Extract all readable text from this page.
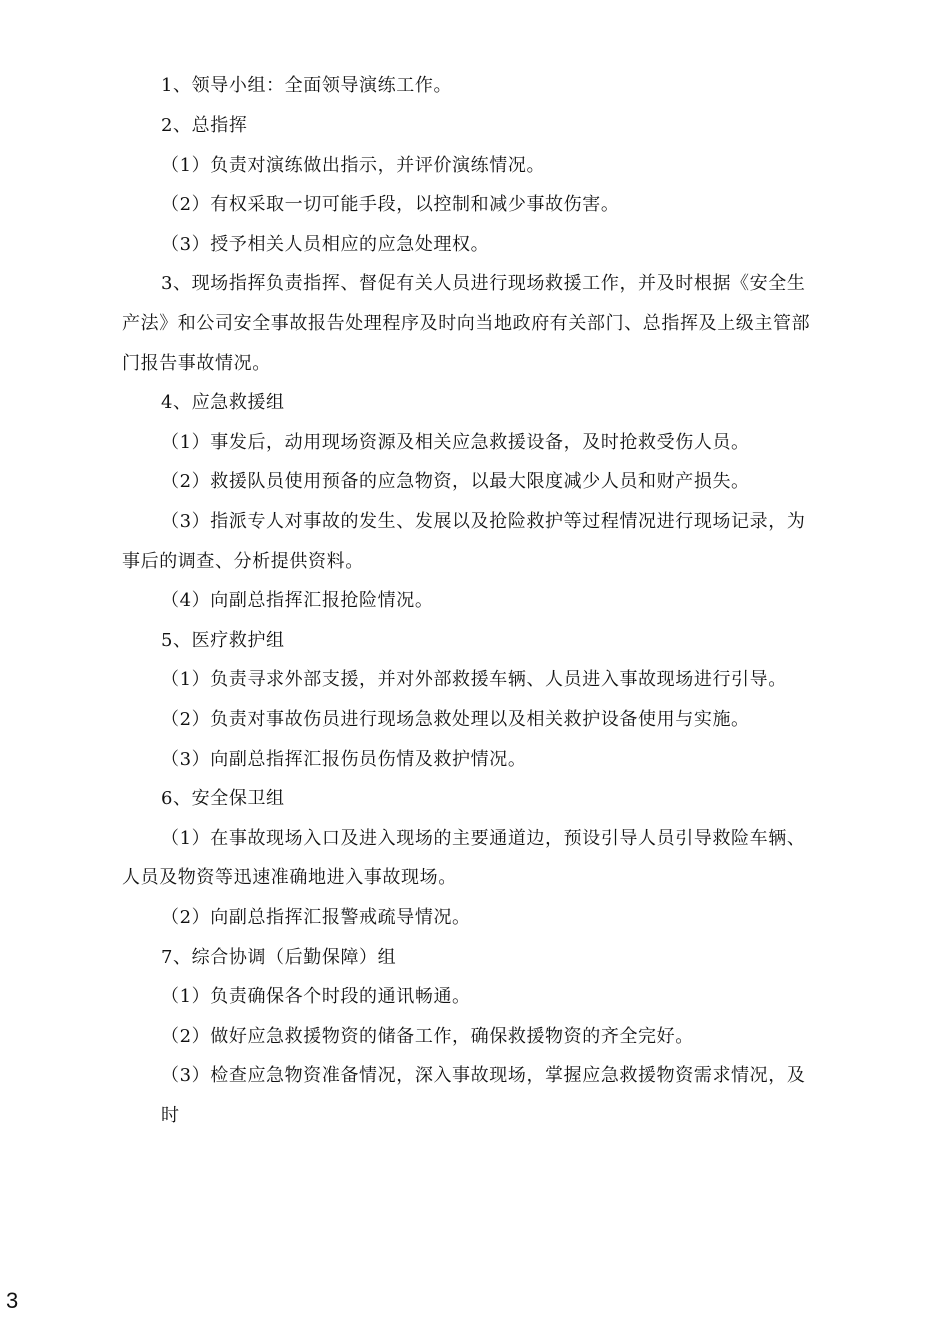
1、领导小组：全面领导演练工作。
2、总指挥
（1）负责对演练做出指示，并评价演练情况。
（2）有权采取一切可能手段，以控制和减少事故伤害。
（3）授予相关人员相应的应急处理权。
3、现场指挥负责指挥、督促有关人员进行现场救援工作，并及时根据《安全生
产法》和公司安全事故报告处理程序及时向当地政府有关部门、总指挥及上级主管部
门报告事故情况。
4、应急救援组
（1）事发后，动用现场资源及相关应急救援设备，及时抢救受伤人员。
（2）救援队员使用预备的应急物资，以最大限度减少人员和财产损失。
（3）指派专人对事故的发生、发展以及抢险救护等过程情况进行现场记录，为
事后的调查、分析提供资料。
（4）向副总指挥汇报抢险情况。
5、医疗救护组
（1）负责寻求外部支援，并对外部救援车辆、人员进入事故现场进行引导。
（2）负责对事故伤员进行现场急救处理以及相关救护设备使用与实施。
（3）向副总指挥汇报伤员伤情及救护情况。
6、安全保卫组
（1）在事故现场入口及进入现场的主要通道边，预设引导人员引导救险车辆、
人员及物资等迅速准确地进入事故现场。
（2）向副总指挥汇报警戒疏导情况。
7、综合协调（后勤保障）组
（1）负责确保各个时段的通讯畅通。
（2）做好应急救援物资的储备工作，确保救援物资的齐全完好。
（3）检查应急物资准备情况，深入事故现场，掌握应急救援物资需求情况，及
时
3
